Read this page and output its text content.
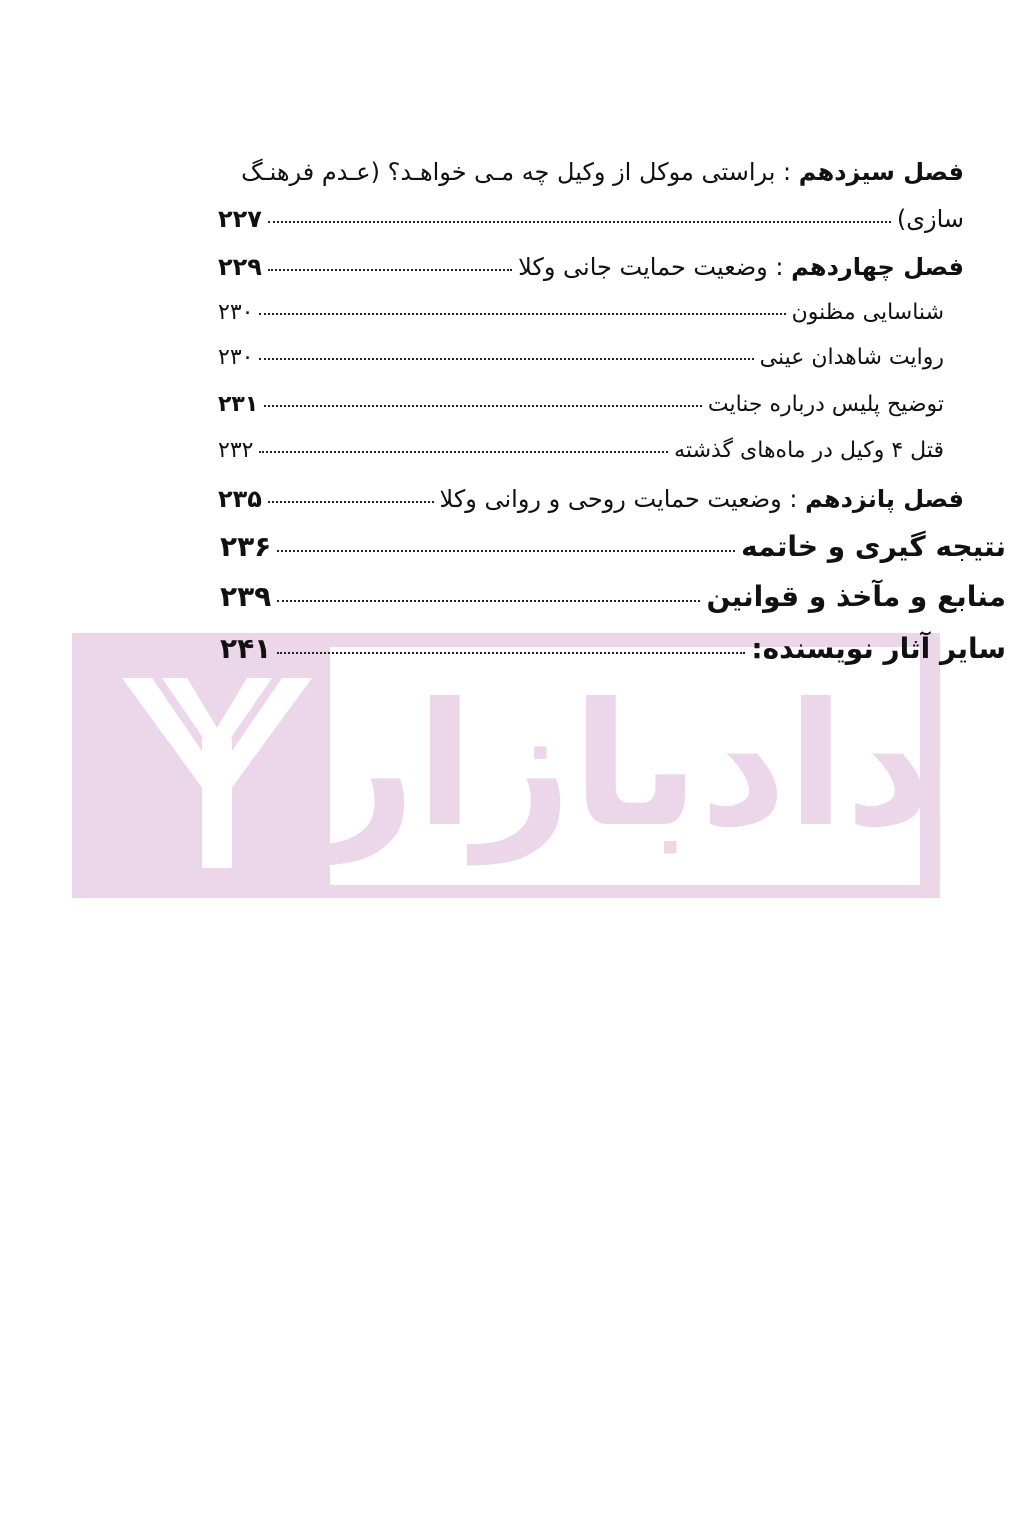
دادبازار
فصل سیزدهم : براستی موکل از وکیل چه مـی خواهـد؟ (عـدم فرهنـگ
سازی)
۲۲۷
فصل چهاردهم : وضعیت حمایت جانی وکلا
۲۲۹
شناسایی مظنون
۲۳۰
روایت شاهدان عینی
۲۳۰
توضیح پلیس درباره جنایت
۲۳۱
قتل ۴ وکیل در ماه‌های گذشته
۲۳۲
فصل پانزدهم : وضعیت حمایت روحی و روانی وکلا
۲۳۵
نتیجه گیری و خاتمه
۲۳۶
منابع و مآخذ و قوانین
۲۳۹
سایر آثار نویسنده:
۲۴۱
